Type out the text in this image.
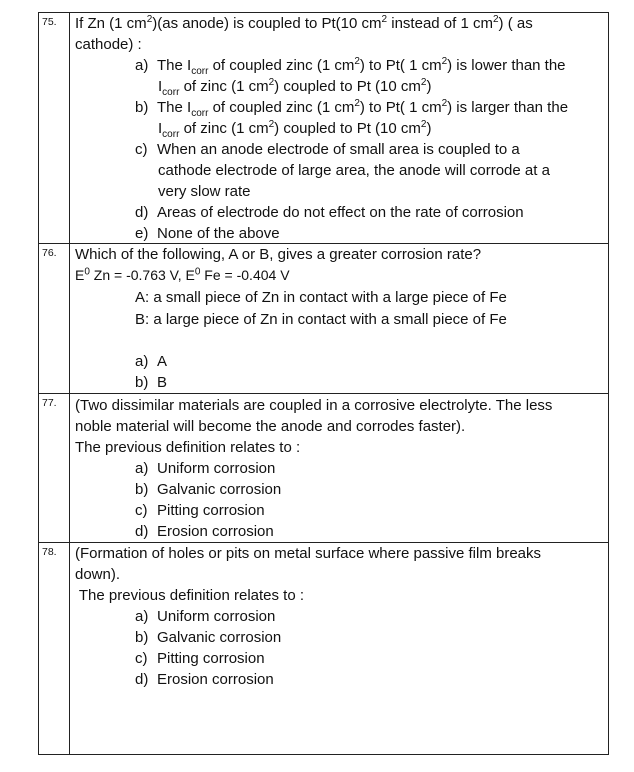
75. If Zn (1 $cm^2)(as$ anode) is coupled to Pt(10 $cm^2$ instead of 1 $cm^2$) ( as
cathode) :
a) The $I_{corr}$ of coupled zinc (1 $cm^2$) to Pt( 1 $cm^2$) is lower than the
$I_{corr}$ of zinc (1 $cm^2$) coupled to Pt (10 $cm^2$)
b) The $I_{corr}$ of coupled zinc (1 $cm^2$) to Pt( 1 $cm^2$) is larger than the
$I_{corr}$ of zinc (1 $cm^2$) coupled to Pt (10 $cm^2$)
c) When an anode electrode of small area is coupled to a
cathode electrode of large area, the anode will corrode at a
very slow rate
d) Areas of electrode do not effect on the rate of corrosion
e) None of the above
76. Which of the following, A or B, gives a greater corrosion rate?
$E^0$ Zn = -0.763 V, $E^0$ Fe = -0.404 V
A: a small piece of Zn in contact with a large piece of Fe
B: a large piece of Zn in contact with a small piece of Fe
a) A
b) B
77. (Two dissimilar materials are coupled in a corrosive electrolyte. The less
noble material will become the anode and corrodes faster).
The previous definition relates to :
a) Uniform corrosion
b) Galvanic corrosion
c) Pitting corrosion
d) Erosion corrosion
78. (Formation of holes or pits on metal surface where passive film breaks
down).
The previous definition relates to :
a) Uniform corrosion
b) Galvanic corrosion
c) Pitting corrosion
d) Erosion corrosion
